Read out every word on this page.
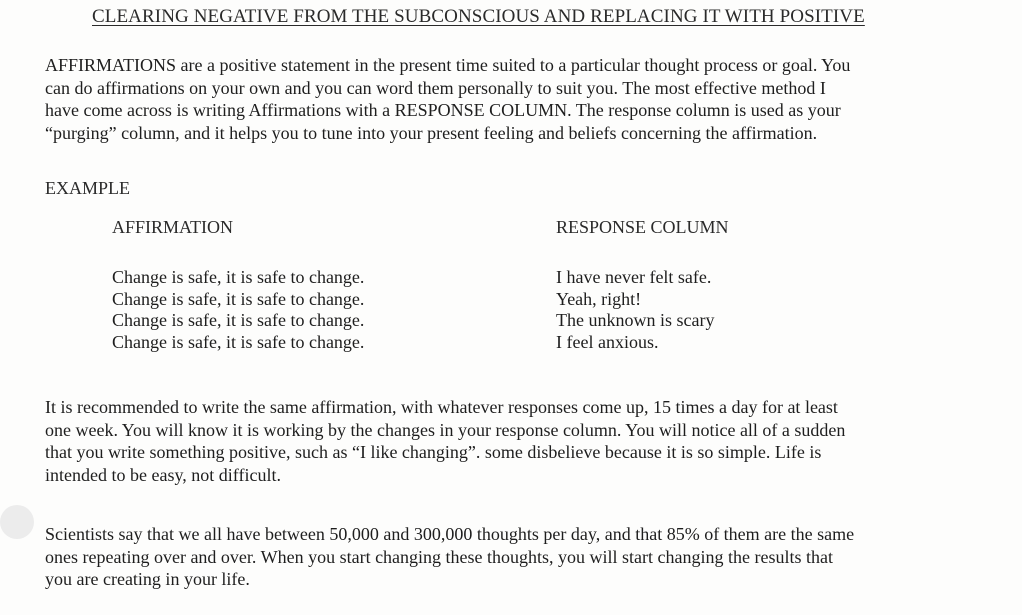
CLEARING NEGATIVE FROM THE SUBCONSCIOUS AND REPLACING IT WITH POSITIVE
AFFIRMATIONS are a positive statement in the present time suited to a particular thought process or goal. You
can do affirmations on your own and you can word them personally to suit you. The most effective method I
have come across is writing Affirmations with a RESPONSE COLUMN. The response column is used as your
“purging” column, and it helps you to tune into your present feeling and beliefs concerning the affirmation.
EXAMPLE
AFFIRMATION	RESPONSE COLUMN
Change is safe, it is safe to change.
Change is safe, it is safe to change.
Change is safe, it is safe to change.
Change is safe, it is safe to change.
I have never felt safe.
Yeah, right!
The unknown is scary
I feel anxious.
It is recommended to write the same affirmation, with whatever responses come up, 15 times a day for at least
one week. You will know it is working by the changes in your response column. You will notice all of a sudden
that you write something positive, such as “I like changing”. some disbelieve because it is so simple. Life is
intended to be easy, not difficult.
Scientists say that we all have between 50,000 and 300,000 thoughts per day, and that 85% of them are the same
ones repeating over and over. When you start changing these thoughts, you will start changing the results that
you are creating in your life.
